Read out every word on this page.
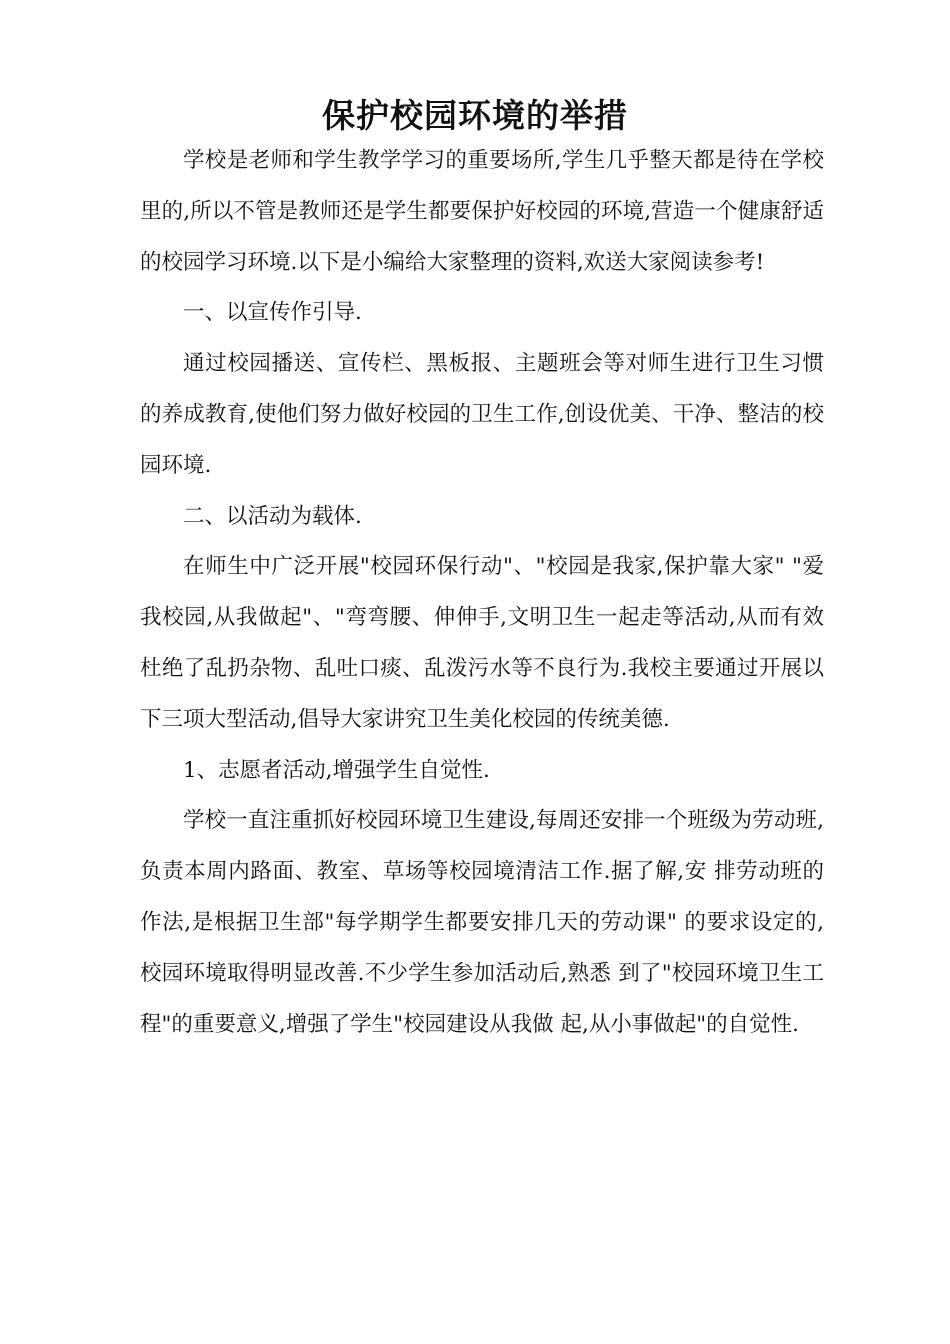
保护校园环境的举措

学校是老师和学生教学学习的重要场所,学生几乎整天都是待在学校里的,所以不管是教师还是学生都要保护好校园的环境,营造一个健康舒适的校园学习环境.以下是小编给大家整理的资料,欢送大家阅读参考!

一、以宣传作引导.

通过校园播送、宣传栏、黑板报、主题班会等对师生进行卫生习惯的养成教育,使他们努力做好校园的卫生工作,创设优美、干净、整洁的校园环境.

二、以活动为载体.

在师生中广泛开展"校园环保行动"、"校园是我家,保护靠大家" "爱我校园,从我做起"、"弯弯腰、伸伸手,文明卫生一起走等活动,从而有效杜绝了乱扔杂物、乱吐口痰、乱泼污水等不良行为.我校主要通过开展以下三项大型活动,倡导大家讲究卫生美化校园的传统美德.

1、志愿者活动,增强学生自觉性.

学校一直注重抓好校园环境卫生建设,每周还安排一个班级为劳动班,负责本周内路面、教室、草场等校园境清洁工作.据了解,安 排劳动班的作法,是根据卫生部"每学期学生都要安排几天的劳动课" 的要求设定的,校园环境取得明显改善.不少学生参加活动后,熟悉 到了"校园环境卫生工程"的重要意义,增强了学生"校园建设从我做 起,从小事做起"的自觉性.
